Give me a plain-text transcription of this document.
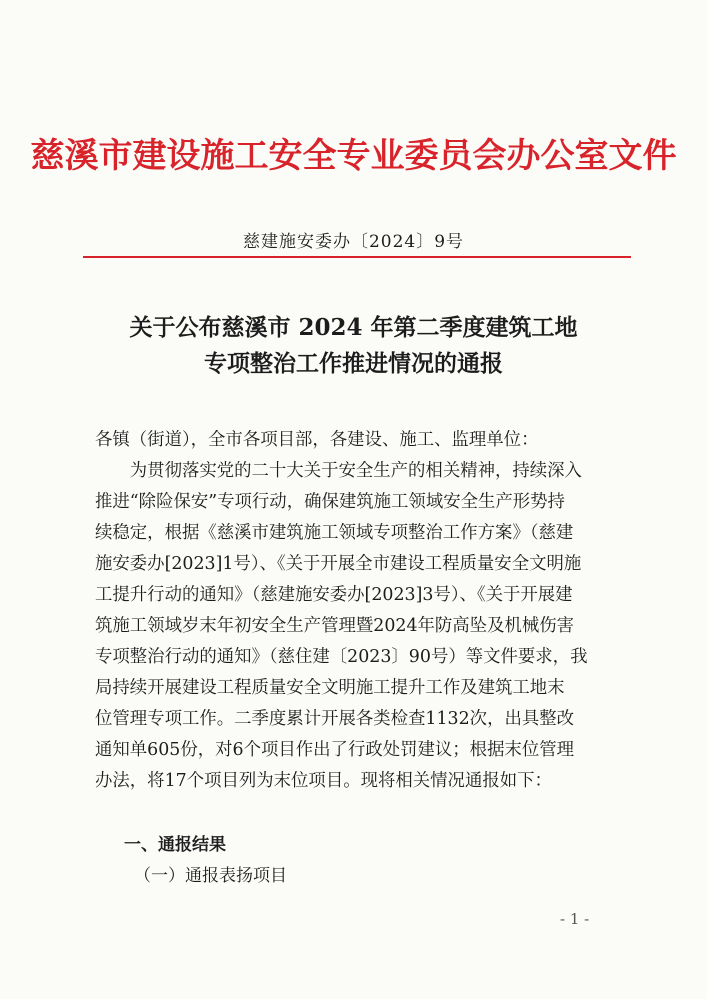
慈溪市建设施工安全专业委员会办公室文件
慈建施安委办〔2024〕9号
关于公布慈溪市 2024 年第二季度建筑工地
专项整治工作推进情况的通报
各镇（街道），全市各项目部，各建设、施工、监理单位：
　　为贯彻落实党的二十大关于安全生产的相关精神，持续深入
推进“除险保安”专项行动，确保建筑施工领域安全生产形势持
续稳定，根据《慈溪市建筑施工领域专项整治工作方案》（慈建
施安委办[2023]1号）、《关于开展全市建设工程质量安全文明施
工提升行动的通知》（慈建施安委办[2023]3号）、《关于开展建
筑施工领域岁末年初安全生产管理暨2024年防高坠及机械伤害
专项整治行动的通知》（慈住建〔2023〕90号）等文件要求，我
局持续开展建设工程质量安全文明施工提升工作及建筑工地末
位管理专项工作。二季度累计开展各类检查1132次，出具整改
通知单605份，对6个项目作出了行政处罚建议；根据末位管理
办法，将17个项目列为末位项目。现将相关情况通报如下：
一、通报结果
（一）通报表扬项目
- 1 -
